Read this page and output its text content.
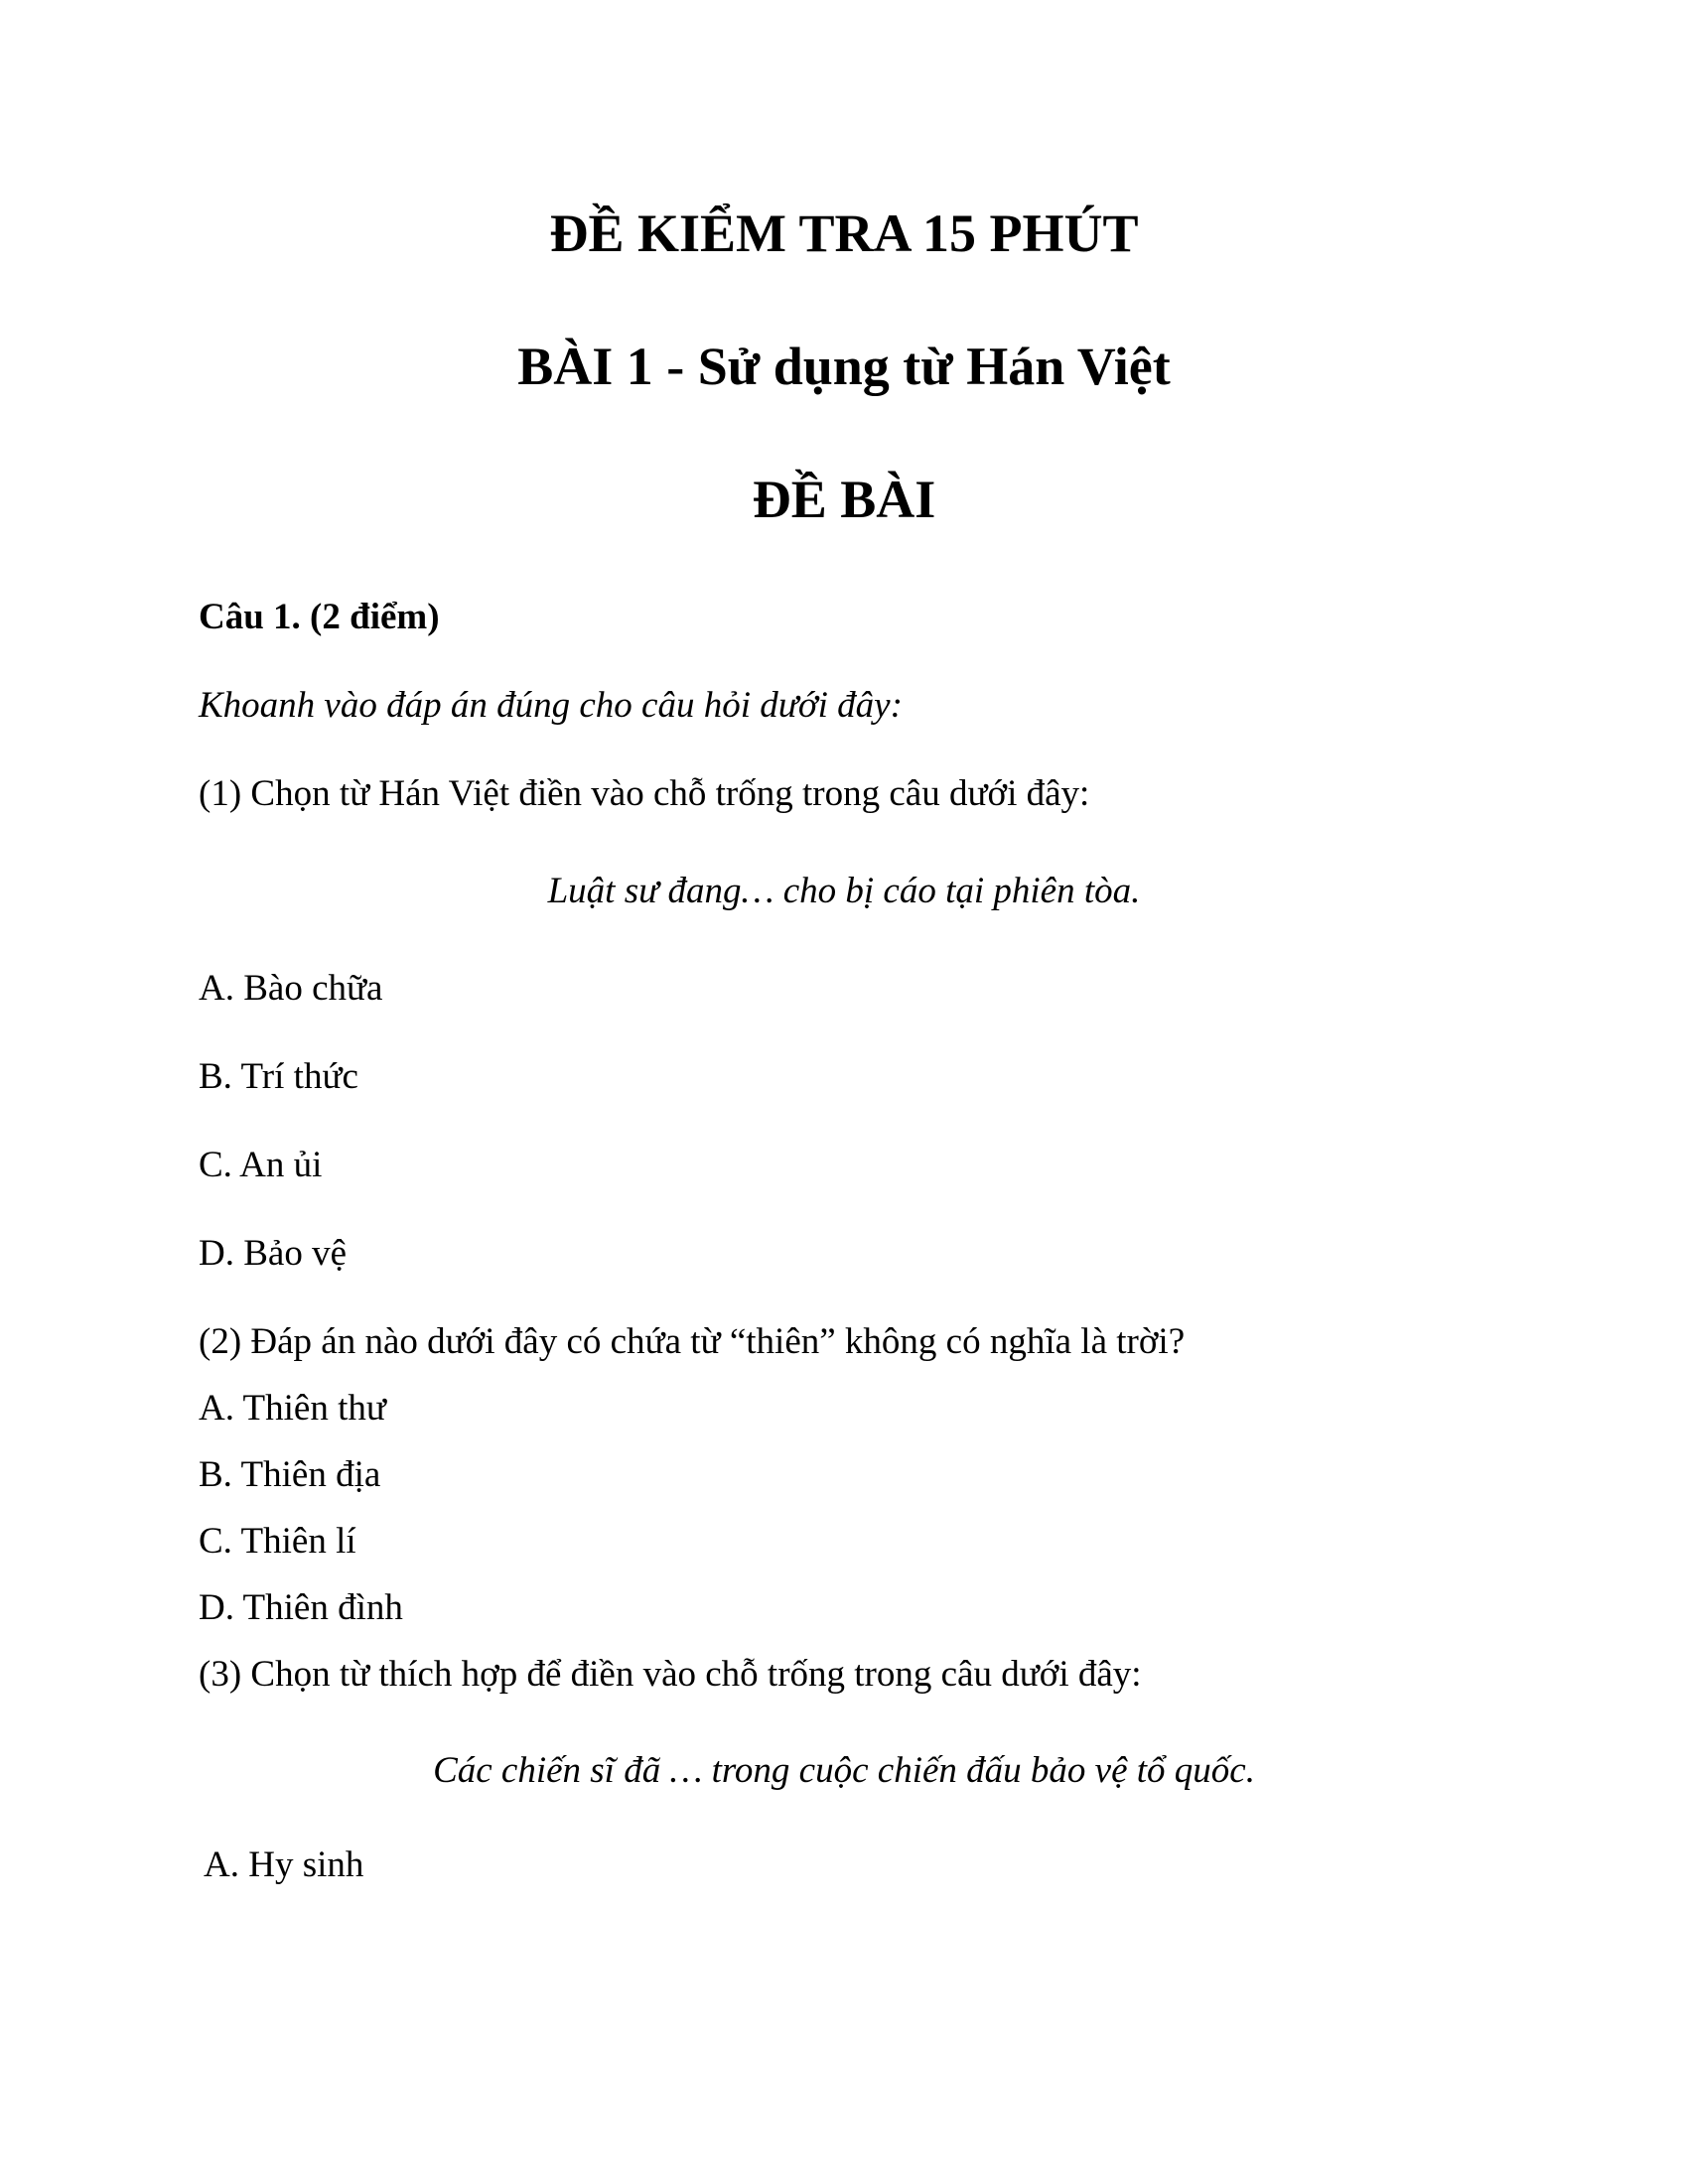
ĐỀ KIỂM TRA 15 PHÚT
BÀI 1 - Sử dụng từ Hán Việt
ĐỀ BÀI

Câu 1. (2 điểm)

Khoanh vào đáp án đúng cho câu hỏi dưới đây:

(1) Chọn từ Hán Việt điền vào chỗ trống trong câu dưới đây:

Luật sư đang… cho bị cáo tại phiên tòa.

A. Bào chữa

B. Trí thức

C. An ủi

D. Bảo vệ

(2) Đáp án nào dưới đây có chứa từ “thiên” không có nghĩa là trời?

A. Thiên thư

B. Thiên địa

C. Thiên lí

D. Thiên đình

(3) Chọn từ thích hợp để điền vào chỗ trống trong câu dưới đây:

Các chiến sĩ đã … trong cuộc chiến đấu bảo vệ tổ quốc.

A. Hy sinh
